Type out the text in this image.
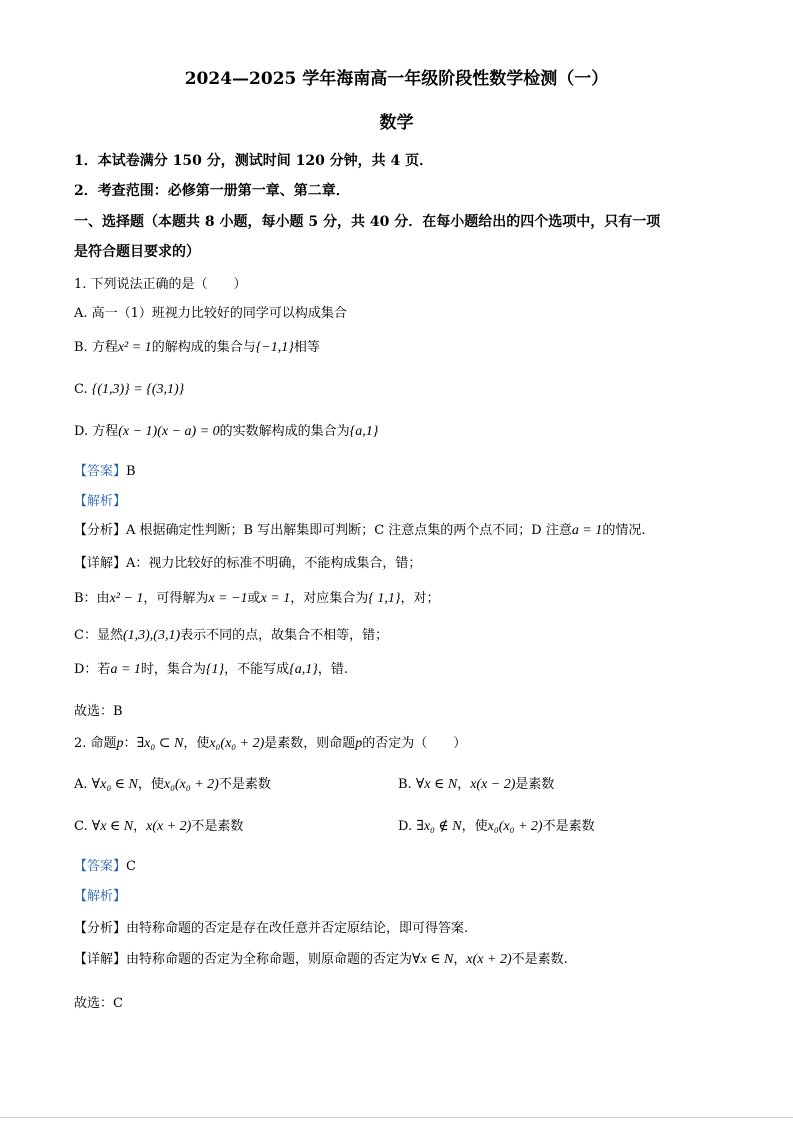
2024—2025 学年海南高一年级阶段性数学检测（一）
数学
1．本试卷满分 150 分，测试时间 120 分钟，共 4 页．
2．考查范围：必修第一册第一章、第二章．
一、选择题（本题共 8 小题，每小题 5 分，共 40 分．在每小题给出的四个选项中，只有一项
是符合题目要求的）
1. 下列说法正确的是（　　）
A. 高一（1）班视力比较好的同学可以构成集合
B. 方程x² = 1的解构成的集合与{−1,1}相等
C. {(1,3)} = {(3,1)}
D. 方程(x − 1)(x − a) = 0的实数解构成的集合为{a,1}
【答案】B
【解析】
【分析】A 根据确定性判断；B 写出解集即可判断；C 注意点集的两个点不同；D 注意a = 1的情况.
【详解】A：视力比较好的标准不明确，不能构成集合，错；
B：由x² − 1，可得解为x = −1或x = 1，对应集合为{ 1,1}，对；
C：显然(1,3),(3,1)表示不同的点，故集合不相等，错；
D：若a = 1时，集合为{1}，不能写成{a,1}，错.
故选：B
2. 命题p：∃x₀ ⊂ N，使x₀(x₀ + 2)是素数，则命题p的否定为（　　）
A. ∀x₀ ∈ N，使x₀(x₀ + 2)不是素数	B. ∀x ∈ N，x(x − 2)是素数
C. ∀x ∈ N，x(x + 2)不是素数	D. ∃x₀ ∉ N，使x₀(x₀ + 2)不是素数
【答案】C
【解析】
【分析】由特称命题的否定是存在改任意并否定原结论，即可得答案.
【详解】由特称命题的否定为全称命题，则原命题的否定为∀x ∈ N，x(x + 2)不是素数.
故选：C
